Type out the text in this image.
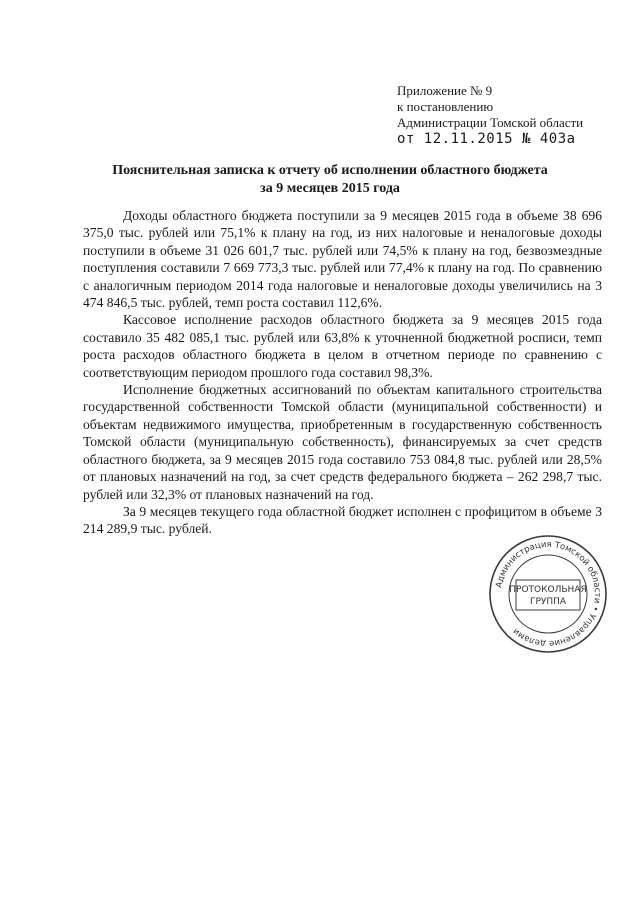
Приложение № 9
к постановлению
Администрации Томской области
от 12.11.2015 № 403а
Пояснительная записка к отчету об исполнении областного бюджета
за 9 месяцев 2015 года

Доходы областного бюджета поступили за 9 месяцев 2015 года в объеме 38 696 375,0 тыс. рублей или 75,1% к плану на год, из них налоговые и неналоговые доходы поступили в объеме 31 026 601,7 тыс. рублей или 74,5% к плану на год, безвозмездные поступления составили 7 669 773,3 тыс. рублей или 77,4% к плану на год. По сравнению с аналогичным периодом 2014 года налоговые и неналоговые доходы увеличились на 3 474 846,5 тыс. рублей, темп роста составил 112,6%.

Кассовое исполнение расходов областного бюджета за 9 месяцев 2015 года составило 35 482 085,1 тыс. рублей или 63,8% к уточненной бюджетной росписи, темп роста расходов областного бюджета в целом в отчетном периоде по сравнению с соответствующим периодом прошлого года составил 98,3%.

Исполнение бюджетных ассигнований по объектам капитального строительства государственной собственности Томской области (муниципальной собственности) и объектам недвижимого имущества, приобретенным в государственную собственность Томской области (муниципальную собственность), финансируемых за счет средств областного бюджета, за 9 месяцев 2015 года составило 753 084,8 тыс. рублей или 28,5% от плановых назначений на год, за счет средств федерального бюджета – 262 298,7 тыс. рублей или 32,3% от плановых назначений на год.

За 9 месяцев текущего года областной бюджет исполнен с профицитом в объеме 3 214 289,9 тыс. рублей.

Администрация Томской области • Управление делами
ПРОТОКОЛЬНАЯ
ГРУППА
